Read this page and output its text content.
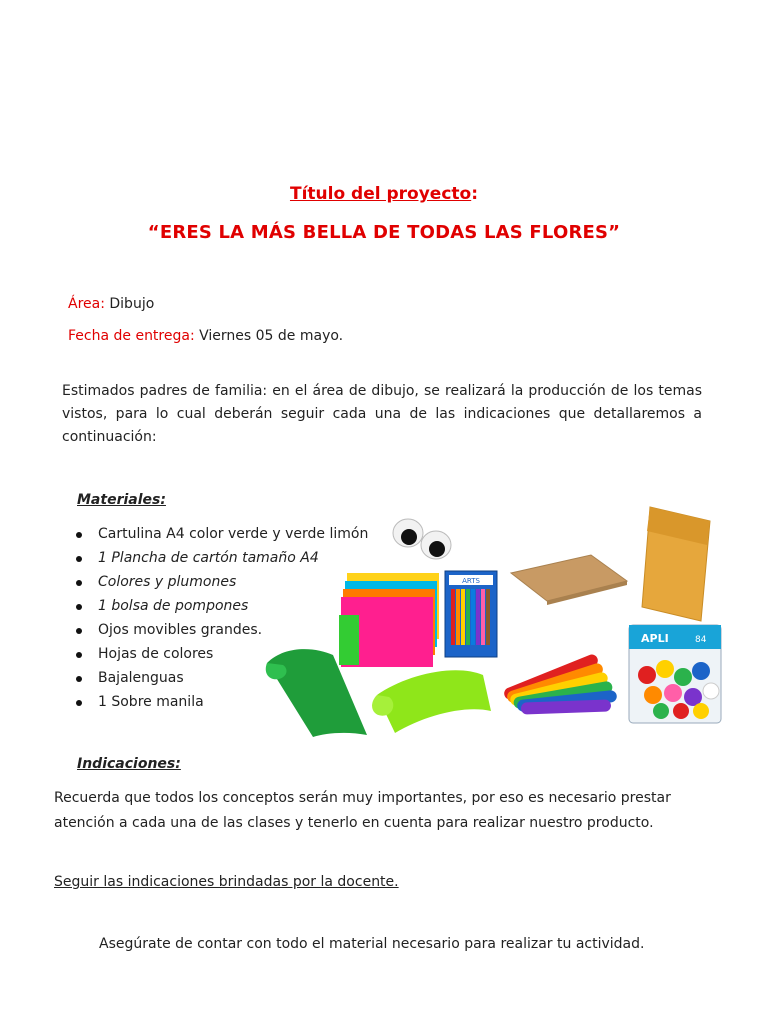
Título del proyecto:
“ERES LA MÁS BELLA DE TODAS LAS FLORES”
Área: Dibujo
Fecha de entrega: Viernes 05 de mayo.
Estimados padres de familia: en el área de dibujo, se realizará la producción de los temas vistos, para lo cual deberán seguir cada una de las indicaciones que detallaremos a continuación:
Materiales:
Cartulina A4 color verde y verde limón
1 Plancha de cartón tamaño A4
Colores y plumones
1 bolsa de pompones
Ojos movibles grandes.
Hojas de colores
Bajalenguas
1 Sobre manila
ARTS
APLI	84
Indicaciones:
Recuerda que todos los conceptos serán muy importantes, por eso es necesario prestar atención a cada una de las clases y tenerlo en cuenta para realizar nuestro producto.
Seguir las indicaciones brindadas por la docente.
Asegúrate de contar con todo el material necesario para realizar tu actividad.
